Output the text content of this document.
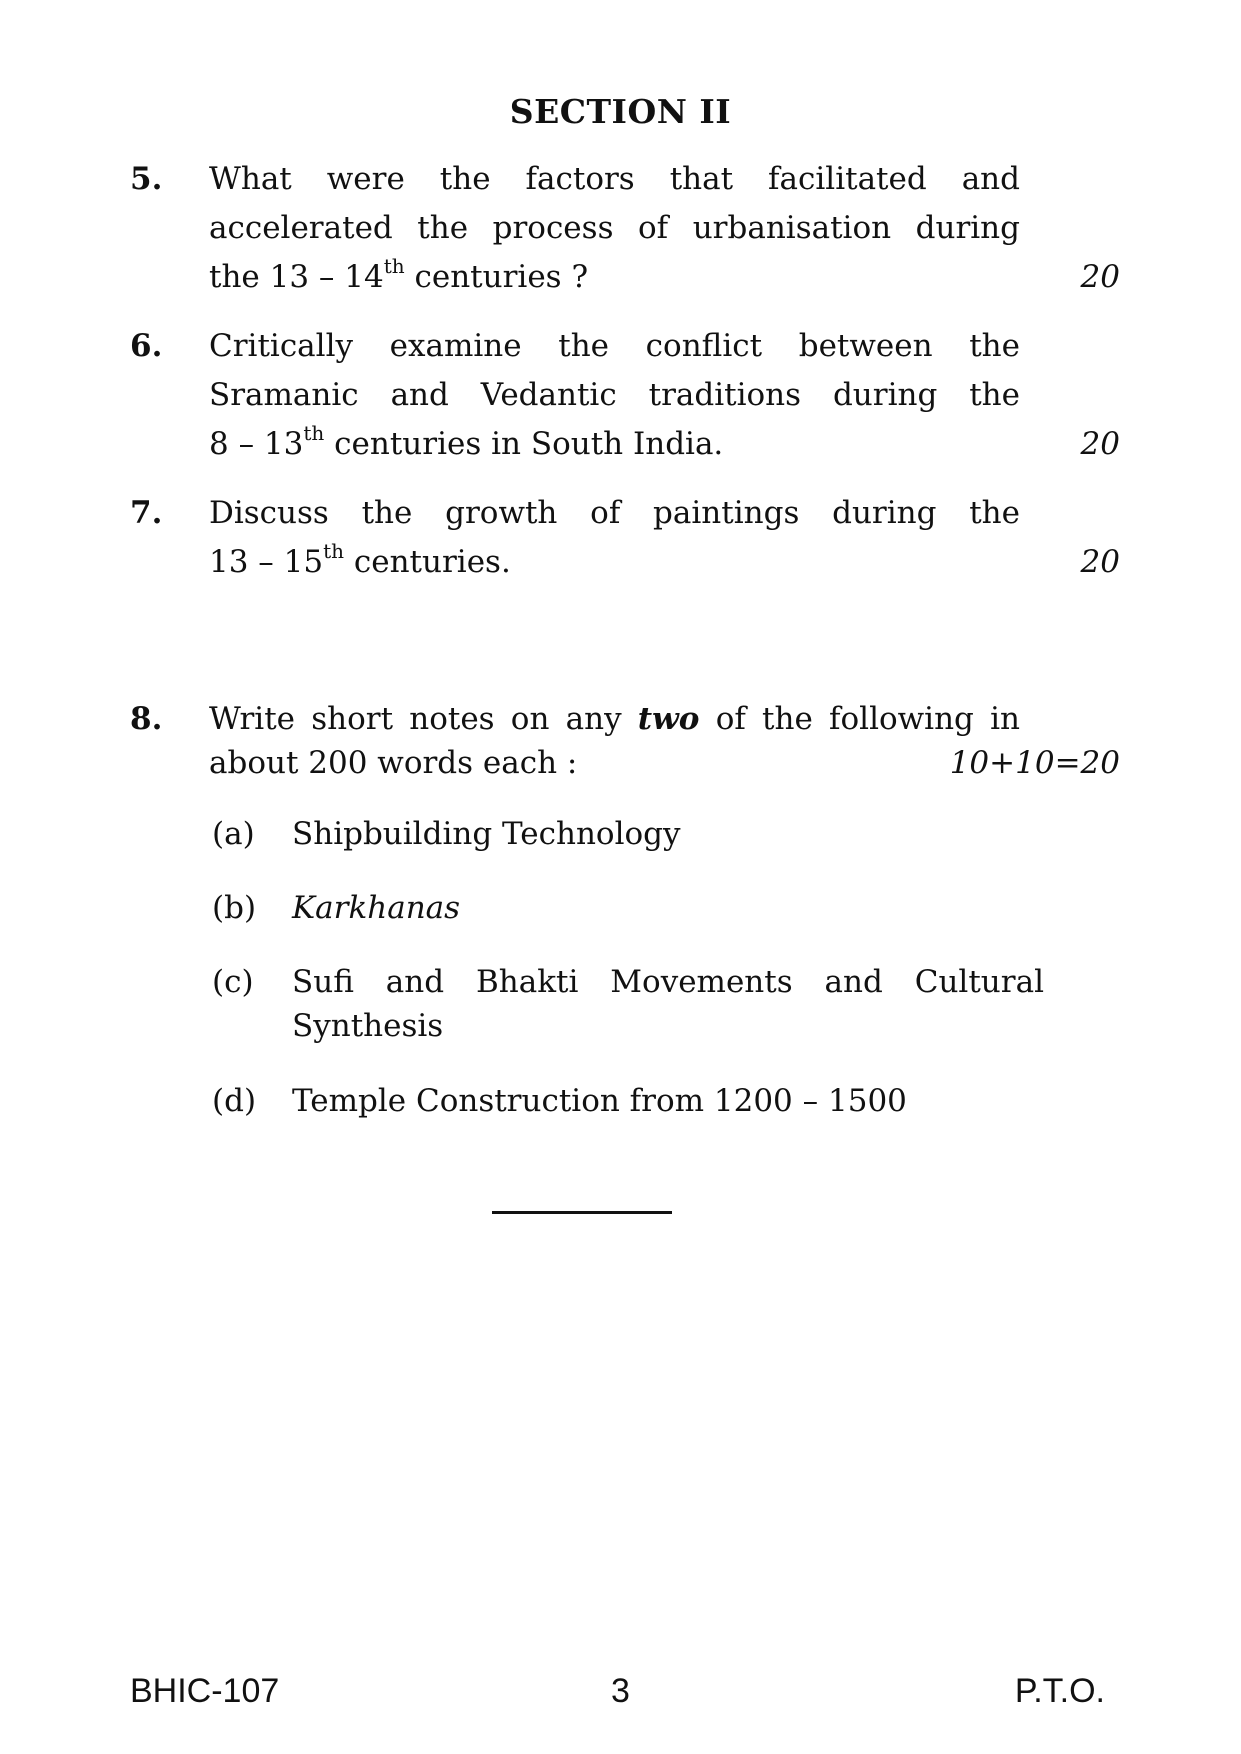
SECTION II
5. What were the factors that facilitated and
accelerated the process of urbanisation during
the 13 – 14th centuries ?	20
6. Critically examine the conflict between the
Sramanic and Vedantic traditions during the
8 – 13th centuries in South India.	20
7. Discuss the growth of paintings during the
13 – 15th centuries.	20
8. Write short notes on any two of the following in
about 200 words each :	10+10=20
(a) Shipbuilding Technology
(b) Karkhanas
(c) Sufi and Bhakti Movements and Cultural
Synthesis
(d) Temple Construction from 1200 – 1500
BHIC-107	3	P.T.O.
